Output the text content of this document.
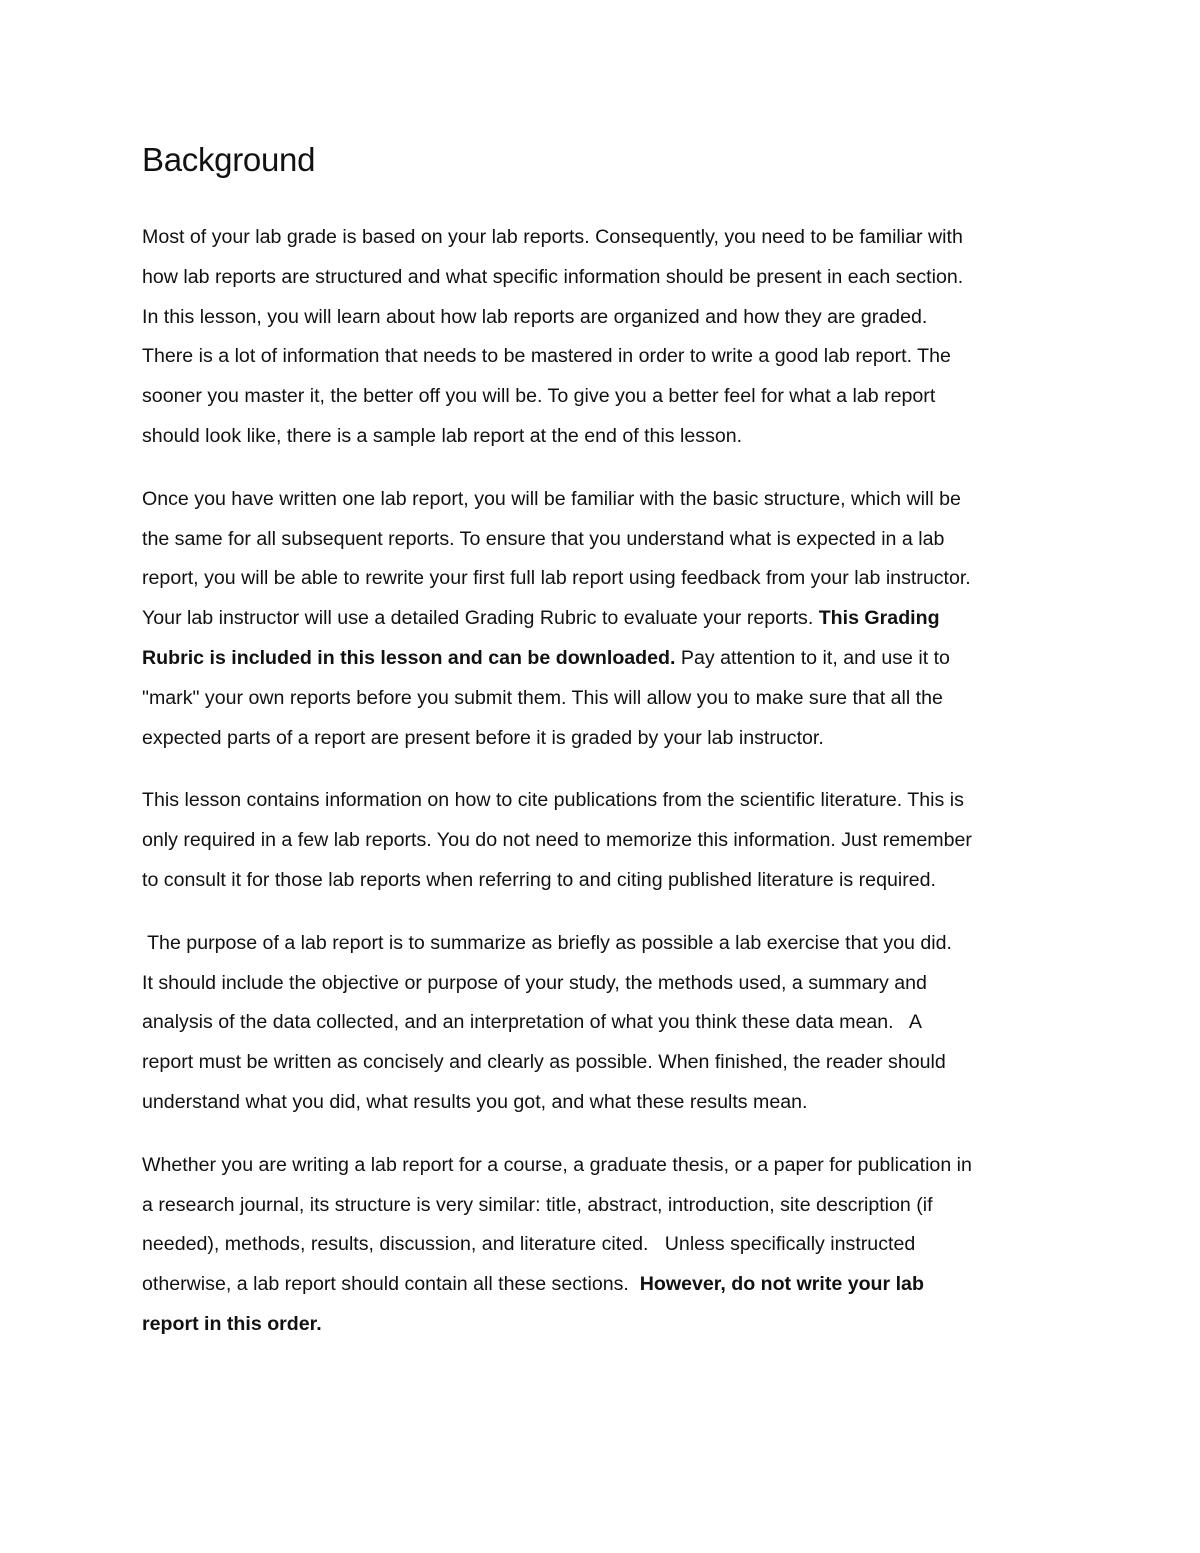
Background

Most of your lab grade is based on your lab reports. Consequently, you need to be familiar with
how lab reports are structured and what specific information should be present in each section.
In this lesson, you will learn about how lab reports are organized and how they are graded.
There is a lot of information that needs to be mastered in order to write a good lab report. The
sooner you master it, the better off you will be. To give you a better feel for what a lab report
should look like, there is a sample lab report at the end of this lesson.

Once you have written one lab report, you will be familiar with the basic structure, which will be
the same for all subsequent reports. To ensure that you understand what is expected in a lab
report, you will be able to rewrite your first full lab report using feedback from your lab instructor.
Your lab instructor will use a detailed Grading Rubric to evaluate your reports. This Grading
Rubric is included in this lesson and can be downloaded. Pay attention to it, and use it to
"mark" your own reports before you submit them. This will allow you to make sure that all the
expected parts of a report are present before it is graded by your lab instructor.

This lesson contains information on how to cite publications from the scientific literature. This is
only required in a few lab reports. You do not need to memorize this information. Just remember
to consult it for those lab reports when referring to and citing published literature is required.

The purpose of a lab report is to summarize as briefly as possible a lab exercise that you did.
It should include the objective or purpose of your study, the methods used, a summary and
analysis of the data collected, and an interpretation of what you think these data mean.   A
report must be written as concisely and clearly as possible. When finished, the reader should
understand what you did, what results you got, and what these results mean.

Whether you are writing a lab report for a course, a graduate thesis, or a paper for publication in
a research journal, its structure is very similar: title, abstract, introduction, site description (if
needed), methods, results, discussion, and literature cited.   Unless specifically instructed
otherwise, a lab report should contain all these sections.  However, do not write your lab
report in this order.
